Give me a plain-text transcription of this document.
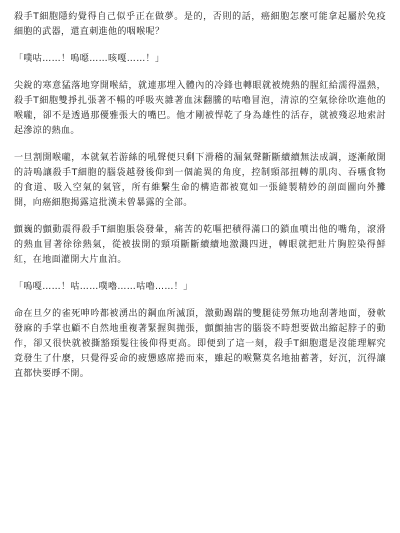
殺手T細胞隱約覺得自己似乎正在做夢。是的，否則的話，癌細胞怎麼可能拿起屬於免疫細胞的武器，還直刺進他的咽喉呢？

「噗咕……！嗚噁……咳嘎……！」

尖銳的寒意猛落地穿開喉結，就連那埋入體內的冷鋒也轉眼就被燒熱的腥紅給濡得溫熱，殺手T細胞雙掙扎張著不暢的呼吸夾雜著血沫翻騰的咕嚕冒泡，清涼的空氣徐徐吹進他的喉嚨，卻不是透過那優雅張大的嘴巴。他才剛被悍乾了身為雄性的活存，就被殘忍地索討起滲涼的熱血。

一旦割開喉嚨，本就氣若游絲的吼聲便只剩下滑稽的漏氣聲斷斷續續無法成調，逐漸敞開的詩嗚讓殺手T細胞的腦袋越發後仰到一個詭異的角度，控制頸部扭轉的肌肉、吞嚥食物的食道、吸入空氣的氣管，所有維繫生命的構造都被寬如一張縫製精妙的剖面圖向外攤開，向癌細胞揭露這批漢未曾暴露的全部。

顫巍的顫動震得殺手T細胞脹袋發暈，痛苦的乾嘔把積得滿口的鎖血噴出他的嘴角，滾滑的熱血冒著徐徐熱氣，從被拔開的頸項斷斷續續地激濺四迸，轉眼就把壯片胸腔染得鮮紅，在地面灌開大片血泊。

「嗚嘎……！咕……噗嚕……咕嚕……！」

命在旦夕的雀死呻吟都被湧出的鋼血所滅頂，激動踢踹的雙腿徒勞無功地刮著地面，發軟發麻的手掌也顧不自然地重複著緊握與拋張，顫顫抽害的腦袋不時想要做出縮起脖子的動作，卻又很快就被撕豁頸髮往後仰得更高。即便到了這一刻，殺手T細胞還是沒能理解究竟發生了什麼，只覺得妥命的疲憊感席捲而來，雖起的喉驚莫名地抽蓄著，好沉，沉得讓直都快要睜不開。
